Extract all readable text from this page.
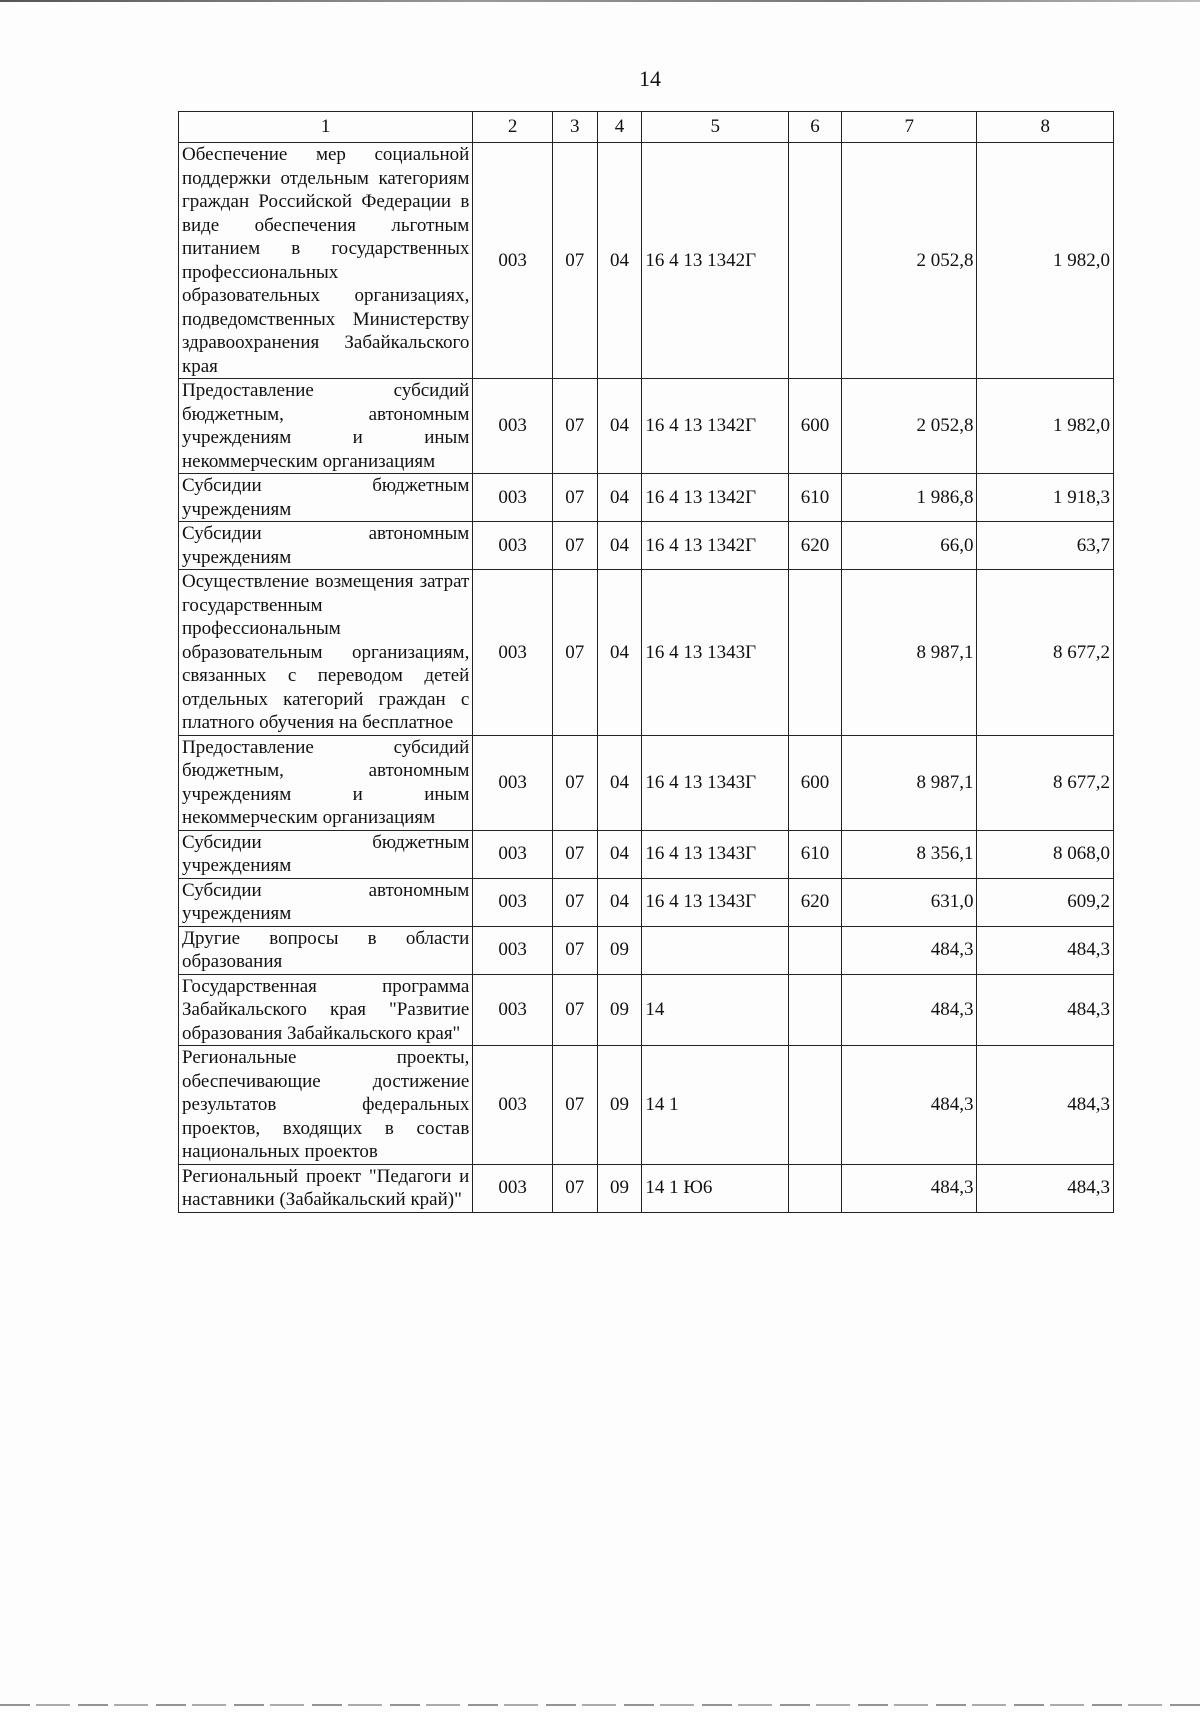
14
1	2	3	4	5	6	7	8
Обеспечение мер социальной поддержки отдельным категориям граждан Российской Федерации в виде обеспечения льготным питанием в государственных профессиональных образовательных организациях, подведомственных Министерству здравоохранения Забайкальского края	003	07	04	16 4 13 1342Г		2 052,8	1 982,0
Предоставление субсидий бюджетным, автономным учреждениям и иным некоммерческим организациям	003	07	04	16 4 13 1342Г	600	2 052,8	1 982,0
Субсидии бюджетным учреждениям	003	07	04	16 4 13 1342Г	610	1 986,8	1 918,3
Субсидии автономным учреждениям	003	07	04	16 4 13 1342Г	620	66,0	63,7
Осуществление возмещения затрат государственным профессиональным образовательным организациям, связанных с переводом детей отдельных категорий граждан с платного обучения на бесплатное	003	07	04	16 4 13 1343Г		8 987,1	8 677,2
Предоставление субсидий бюджетным, автономным учреждениям и иным некоммерческим организациям	003	07	04	16 4 13 1343Г	600	8 987,1	8 677,2
Субсидии бюджетным учреждениям	003	07	04	16 4 13 1343Г	610	8 356,1	8 068,0
Субсидии автономным учреждениям	003	07	04	16 4 13 1343Г	620	631,0	609,2
Другие вопросы в области образования	003	07	09			484,3	484,3
Государственная программа Забайкальского края "Развитие образования Забайкальского края"	003	07	09	14		484,3	484,3
Региональные проекты, обеспечивающие достижение результатов федеральных проектов, входящих в состав национальных проектов	003	07	09	14 1		484,3	484,3
Региональный проект "Педагоги и наставники (Забайкальский край)"	003	07	09	14 1 Ю6		484,3	484,3
